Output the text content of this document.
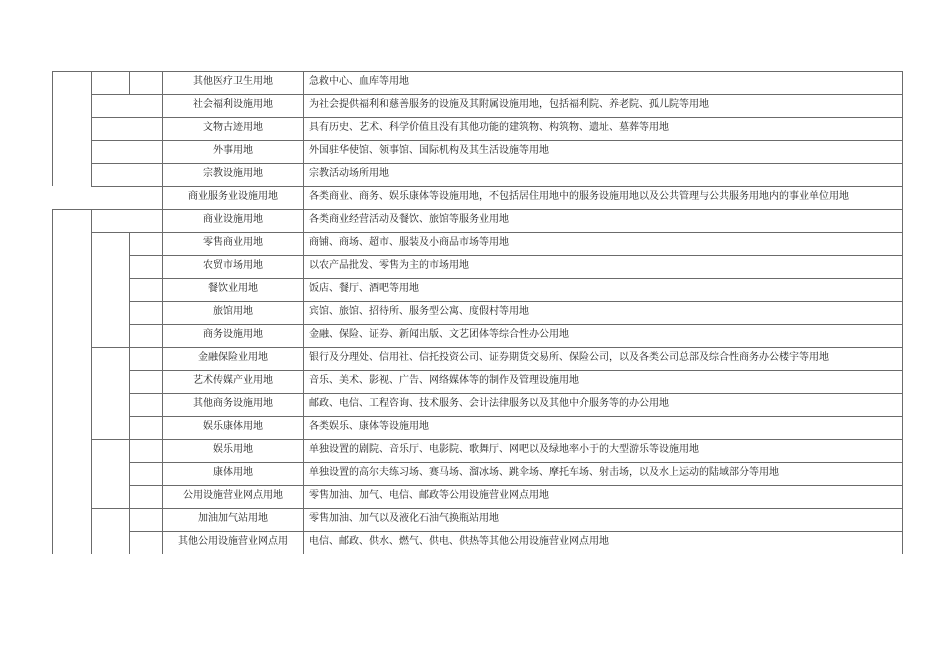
其他医疗卫生用地	急救中心、血库等用地
社会福利设施用地	为社会提供福利和慈善服务的设施及其附属设施用地，包括福利院、养老院、孤儿院等用地
文物古迹用地	具有历史、艺术、科学价值且没有其他功能的建筑物、构筑物、遗址、墓葬等用地
外事用地	外国驻华使馆、领事馆、国际机构及其生活设施等用地
宗教设施用地	宗教活动场所用地
商业服务业设施用地	各类商业、商务、娱乐康体等设施用地，不包括居住用地中的服务设施用地以及公共管理与公共服务用地内的事业单位用地
商业设施用地	各类商业经营活动及餐饮、旅馆等服务业用地
零售商业用地	商铺、商场、超市、服装及小商品市场等用地
农贸市场用地	以农产品批发、零售为主的市场用地
餐饮业用地	饭店、餐厅、酒吧等用地
旅馆用地	宾馆、旅馆、招待所、服务型公寓、度假村等用地
商务设施用地	金融、保险、证券、新闻出版、文艺团体等综合性办公用地
金融保险业用地	银行及分理处、信用社、信托投资公司、证券期货交易所、保险公司，以及各类公司总部及综合性商务办公楼宇等用地
艺术传媒产业用地	音乐、美术、影视、广告、网络媒体等的制作及管理设施用地
其他商务设施用地	邮政、电信、工程咨询、技术服务、会计法律服务以及其他中介服务等的办公用地
娱乐康体用地	各类娱乐、康体等设施用地
娱乐用地	单独设置的剧院、音乐厅、电影院、歌舞厅、网吧以及绿地率小于的大型游乐等设施用地
康体用地	单独设置的高尔夫练习场、赛马场、溜冰场、跳伞场、摩托车场、射击场，以及水上运动的陆域部分等用地
公用设施营业网点用地	零售加油、加气、电信、邮政等公用设施营业网点用地
加油加气站用地	零售加油、加气以及液化石油气换瓶站用地
其他公用设施营业网点用	电信、邮政、供水、燃气、供电、供热等其他公用设施营业网点用地
